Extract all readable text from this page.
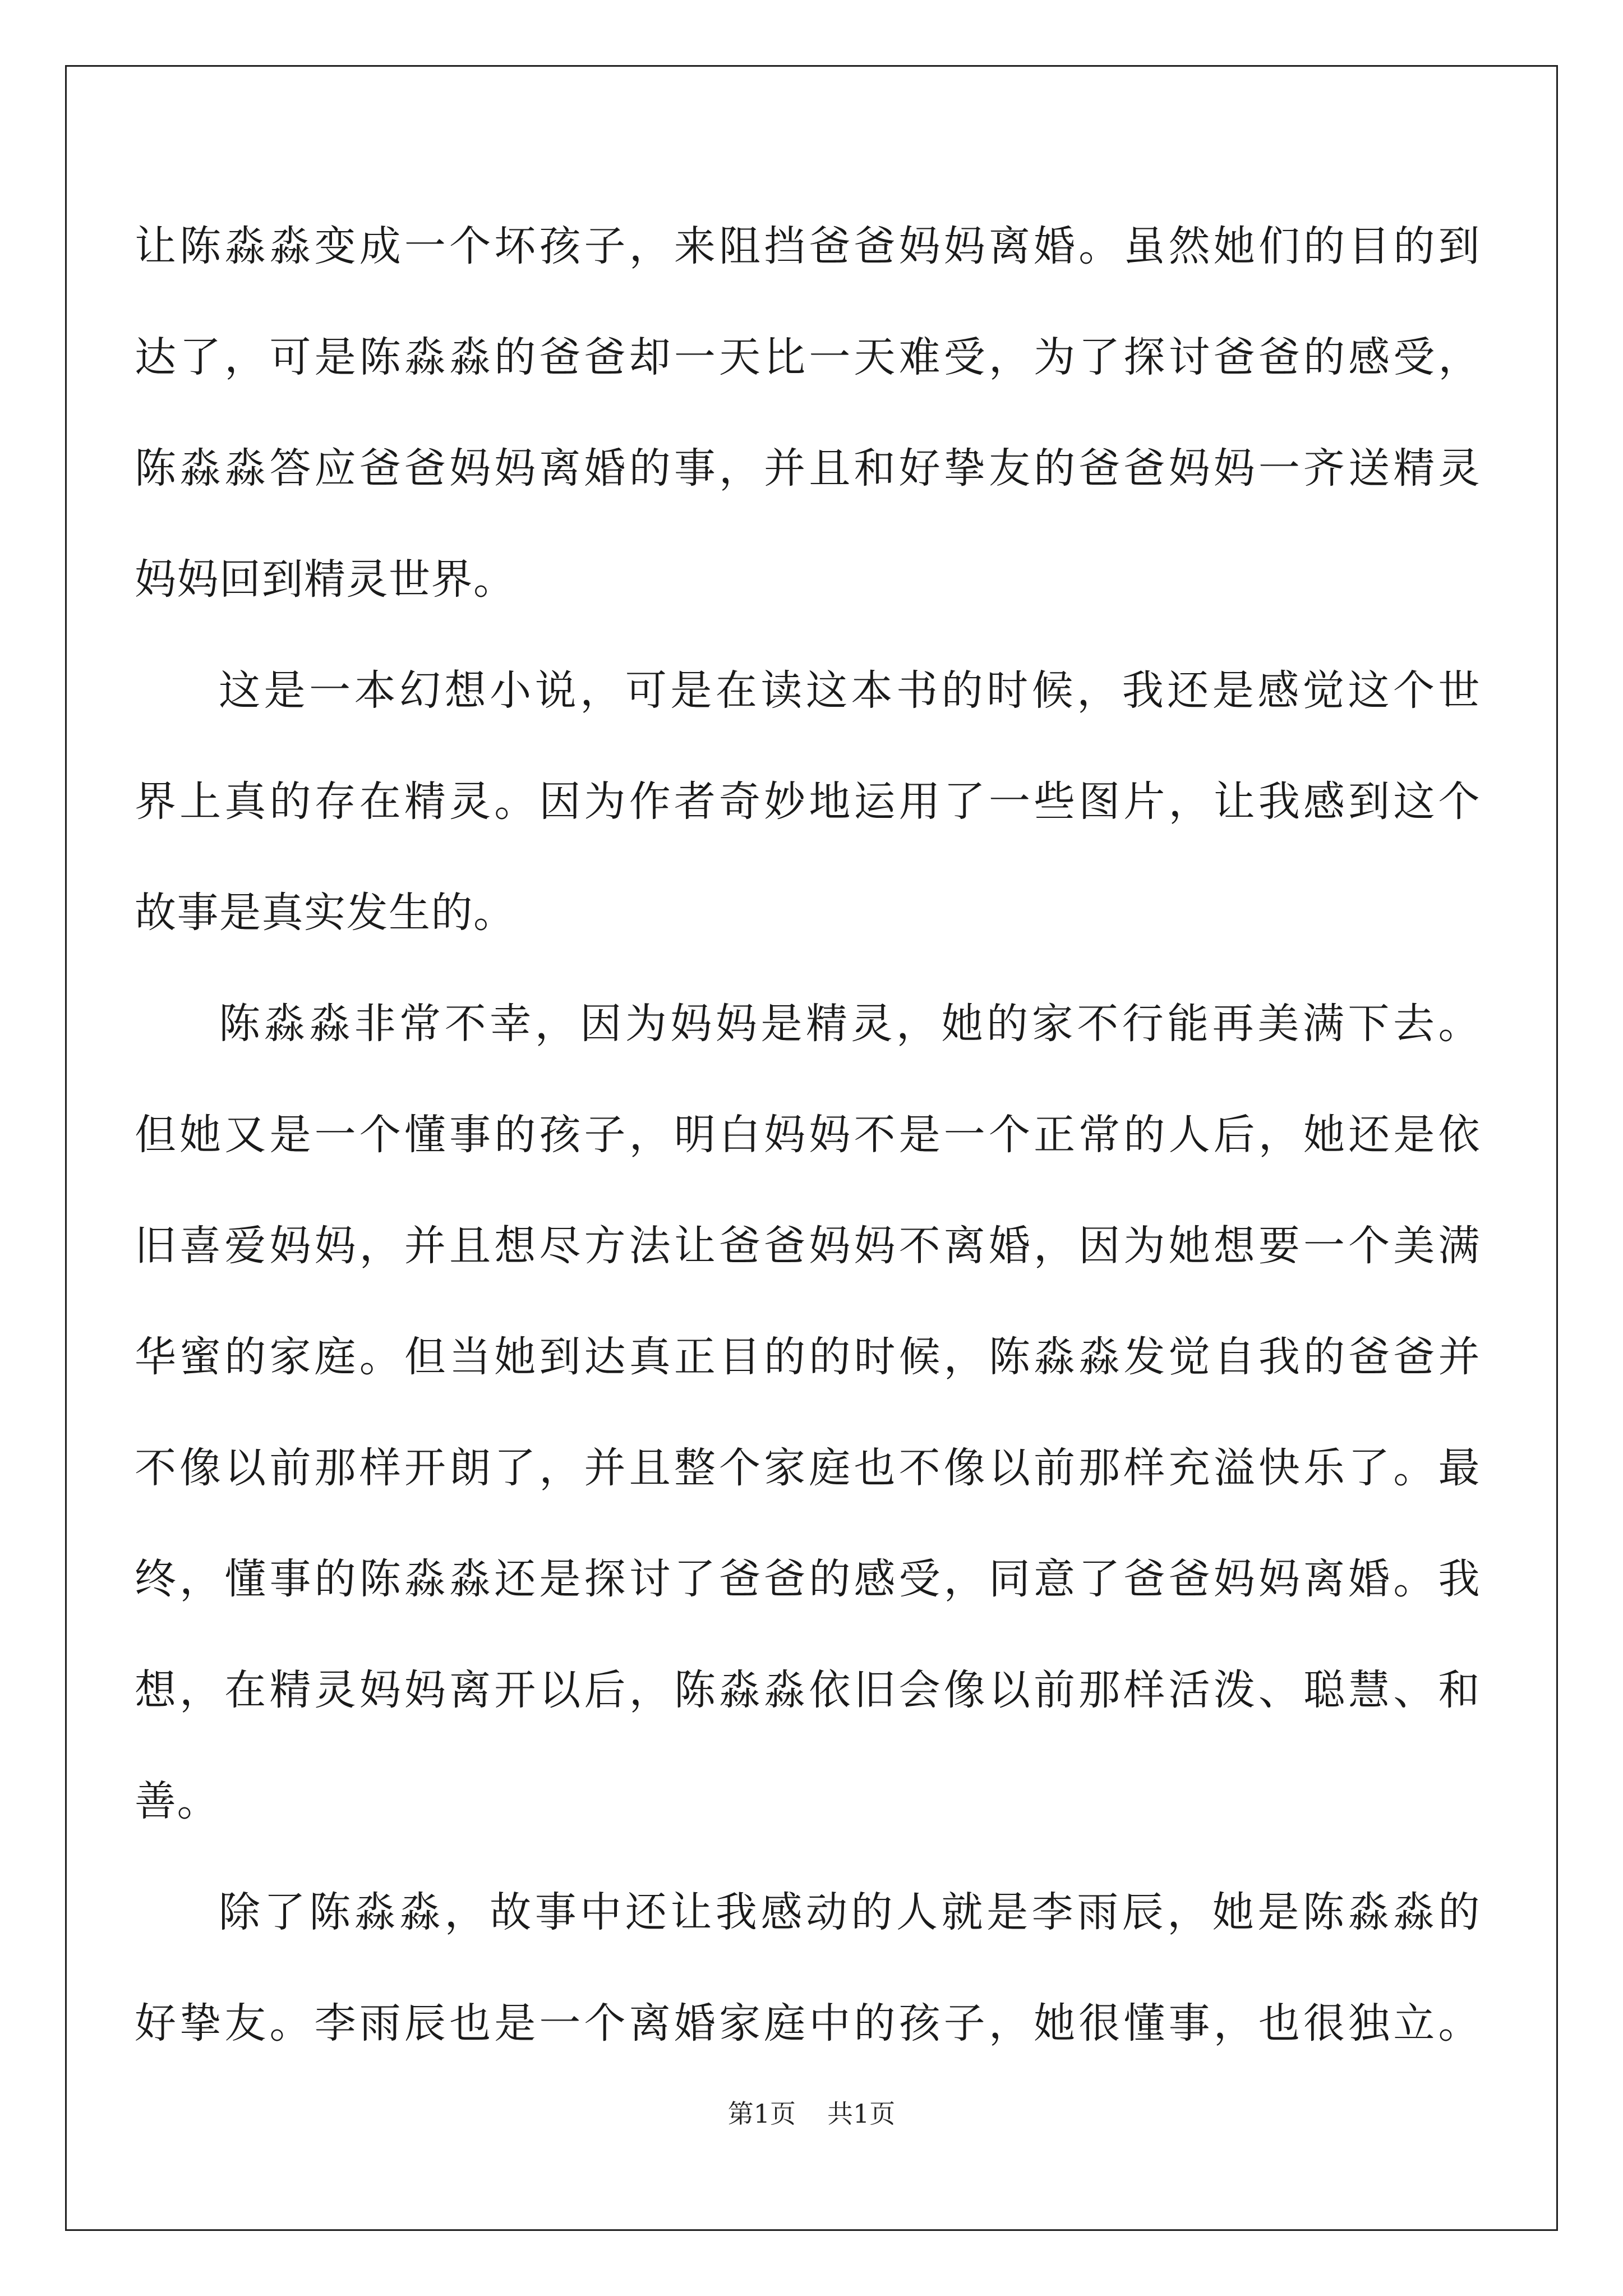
让陈淼淼变成一个坏孩子，来阻挡爸爸妈妈离婚。虽然她们的目的到
达了，可是陈淼淼的爸爸却一天比一天难受，为了探讨爸爸的感受，
陈淼淼答应爸爸妈妈离婚的事，并且和好挚友的爸爸妈妈一齐送精灵
妈妈回到精灵世界。
这是一本幻想小说，可是在读这本书的时候，我还是感觉这个世
界上真的存在精灵。因为作者奇妙地运用了一些图片，让我感到这个
故事是真实发生的。
陈淼淼非常不幸，因为妈妈是精灵，她的家不行能再美满下去。
但她又是一个懂事的孩子，明白妈妈不是一个正常的人后，她还是依
旧喜爱妈妈，并且想尽方法让爸爸妈妈不离婚，因为她想要一个美满
华蜜的家庭。但当她到达真正目的的时候，陈淼淼发觉自我的爸爸并
不像以前那样开朗了，并且整个家庭也不像以前那样充溢快乐了。最
终，懂事的陈淼淼还是探讨了爸爸的感受，同意了爸爸妈妈离婚。我
想，在精灵妈妈离开以后，陈淼淼依旧会像以前那样活泼、聪慧、和
善。
除了陈淼淼，故事中还让我感动的人就是李雨辰，她是陈淼淼的
好挚友。李雨辰也是一个离婚家庭中的孩子，她很懂事，也很独立。
第1页 共1页
